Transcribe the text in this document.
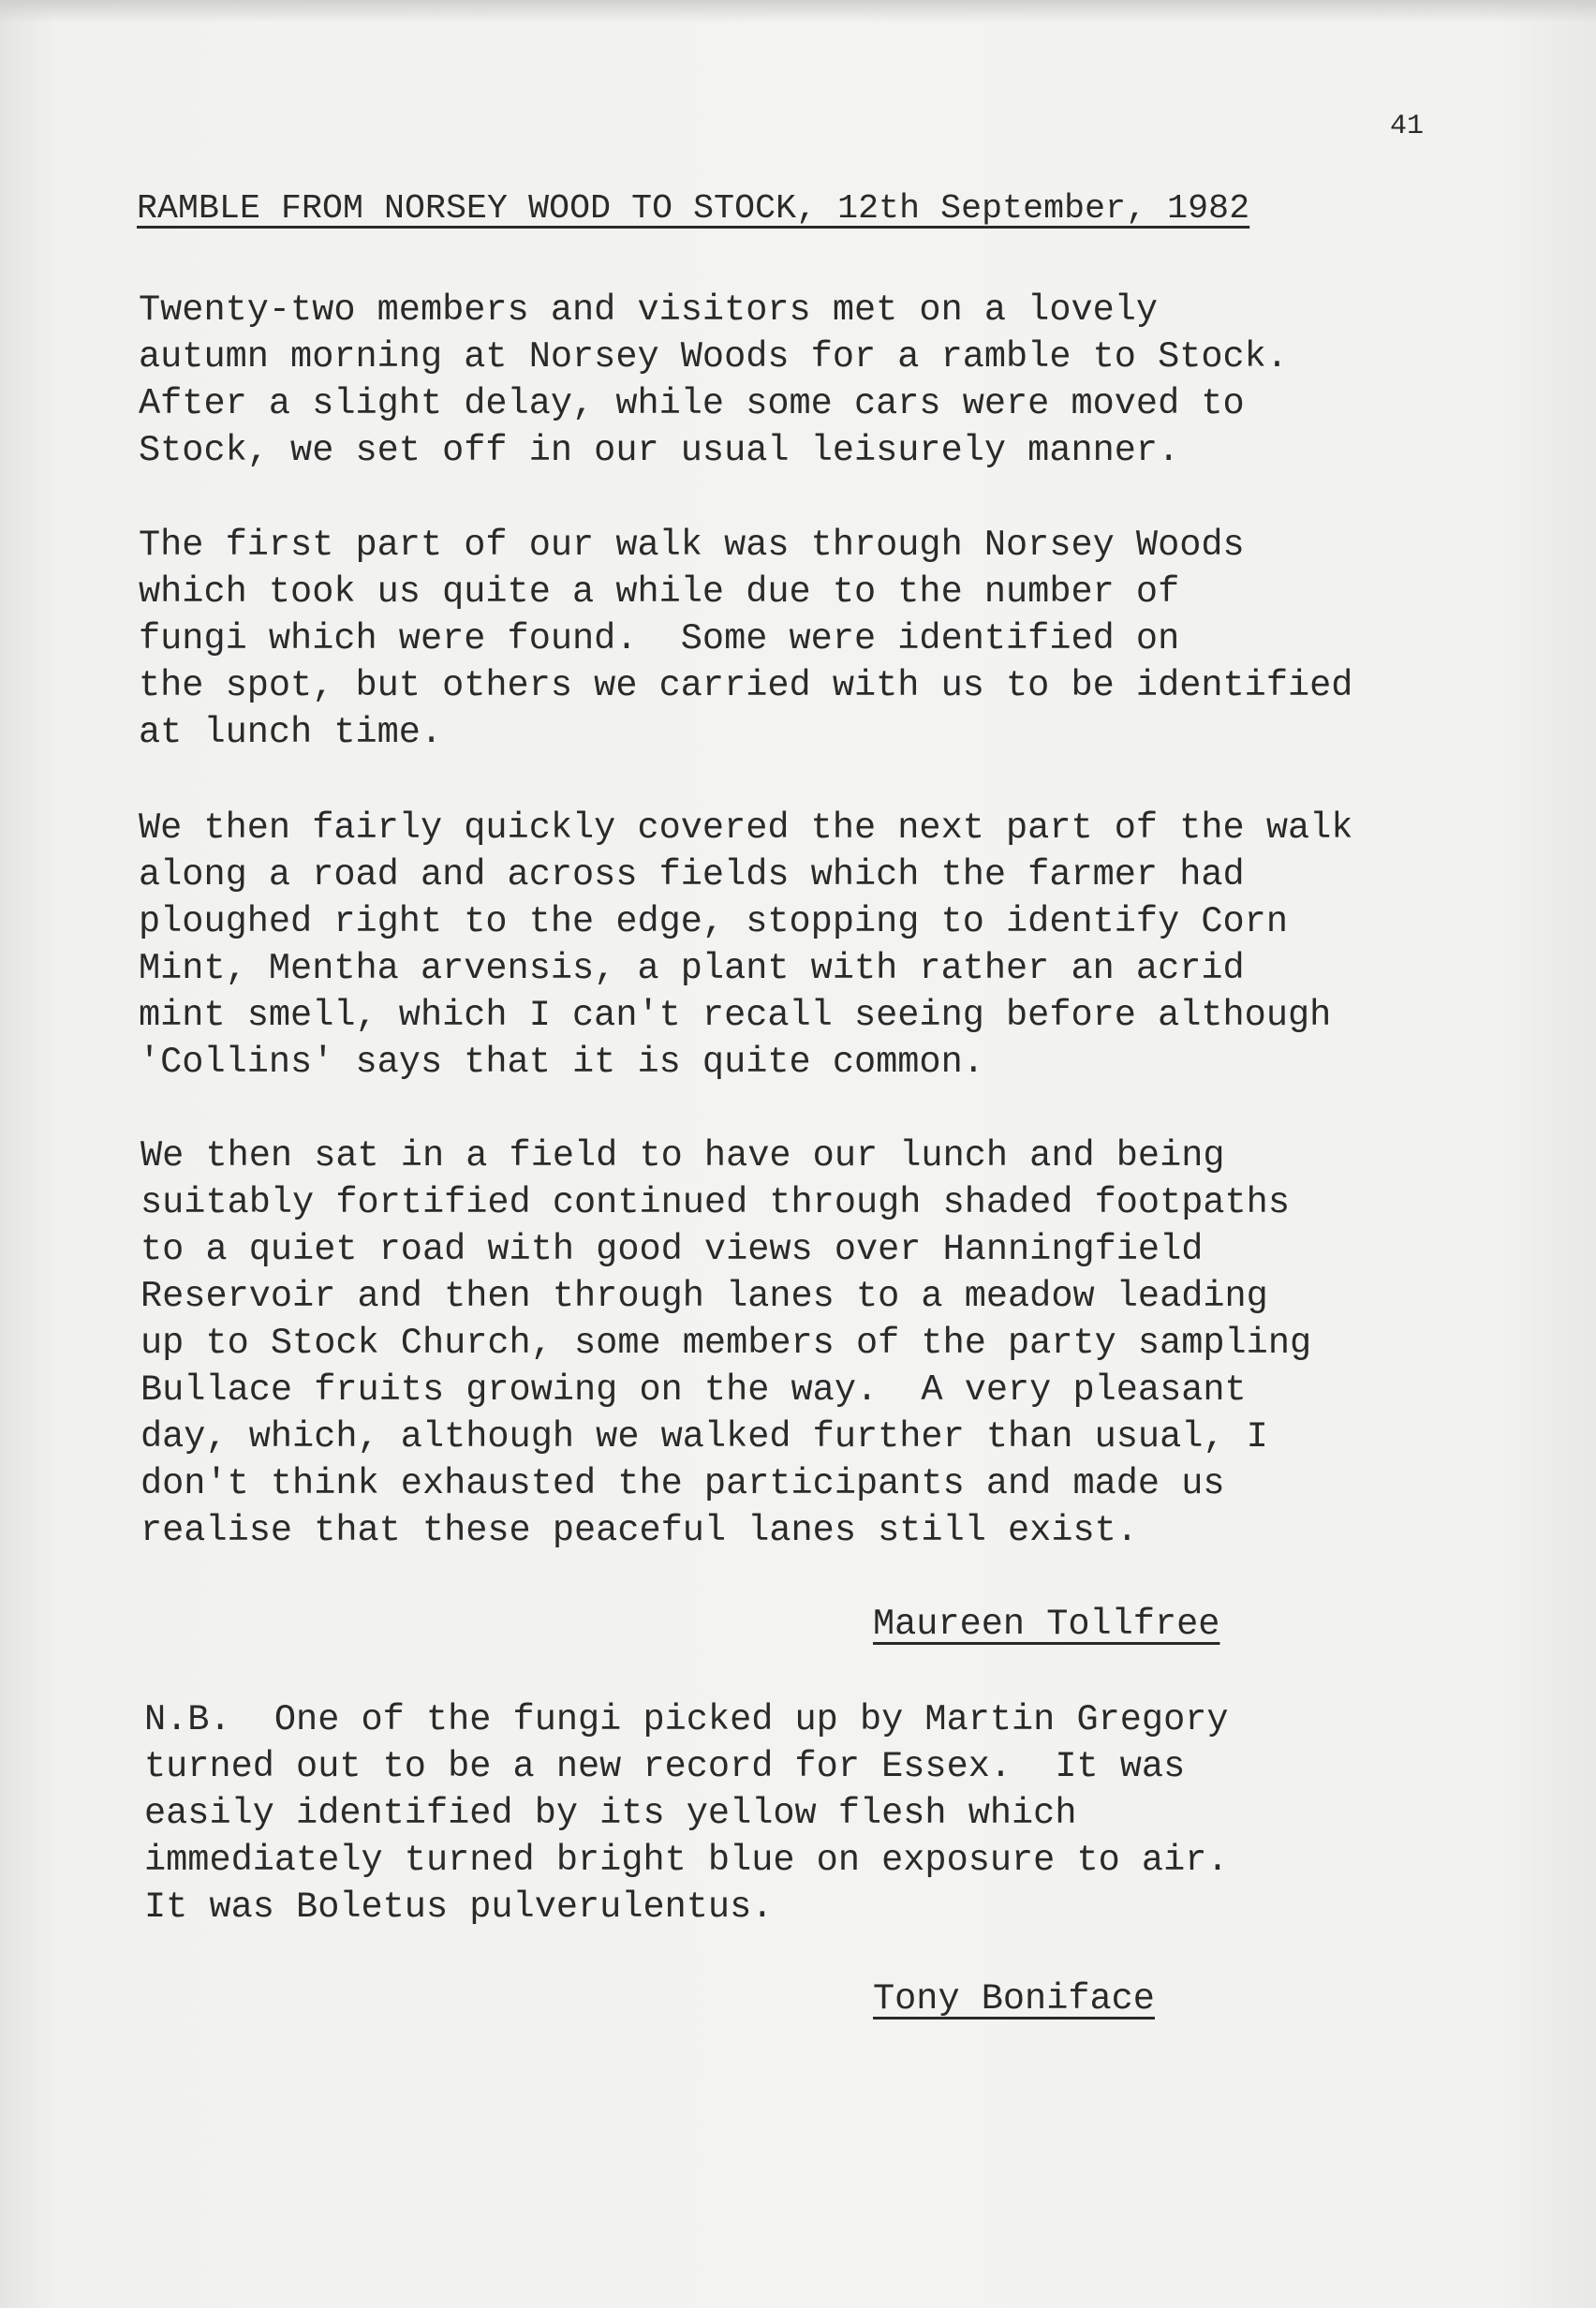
41
RAMBLE FROM NORSEY WOOD TO STOCK, 12th September, 1982
Twenty-two members and visitors met on a lovely
autumn morning at Norsey Woods for a ramble to Stock.
After a slight delay, while some cars were moved to
Stock, we set off in our usual leisurely manner.
The first part of our walk was through Norsey Woods
which took us quite a while due to the number of
fungi which were found.  Some were identified on
the spot, but others we carried with us to be identified
at lunch time.
We then fairly quickly covered the next part of the walk
along a road and across fields which the farmer had
ploughed right to the edge, stopping to identify Corn
Mint, Mentha arvensis, a plant with rather an acrid
mint smell, which I can't recall seeing before although
'Collins' says that it is quite common.
We then sat in a field to have our lunch and being
suitably fortified continued through shaded footpaths
to a quiet road with good views over Hanningfield
Reservoir and then through lanes to a meadow leading
up to Stock Church, some members of the party sampling
Bullace fruits growing on the way.  A very pleasant
day, which, although we walked further than usual, I
don't think exhausted the participants and made us
realise that these peaceful lanes still exist.
Maureen Tollfree
N.B.  One of the fungi picked up by Martin Gregory
turned out to be a new record for Essex.  It was
easily identified by its yellow flesh which
immediately turned bright blue on exposure to air.
It was Boletus pulverulentus.
Tony Boniface
